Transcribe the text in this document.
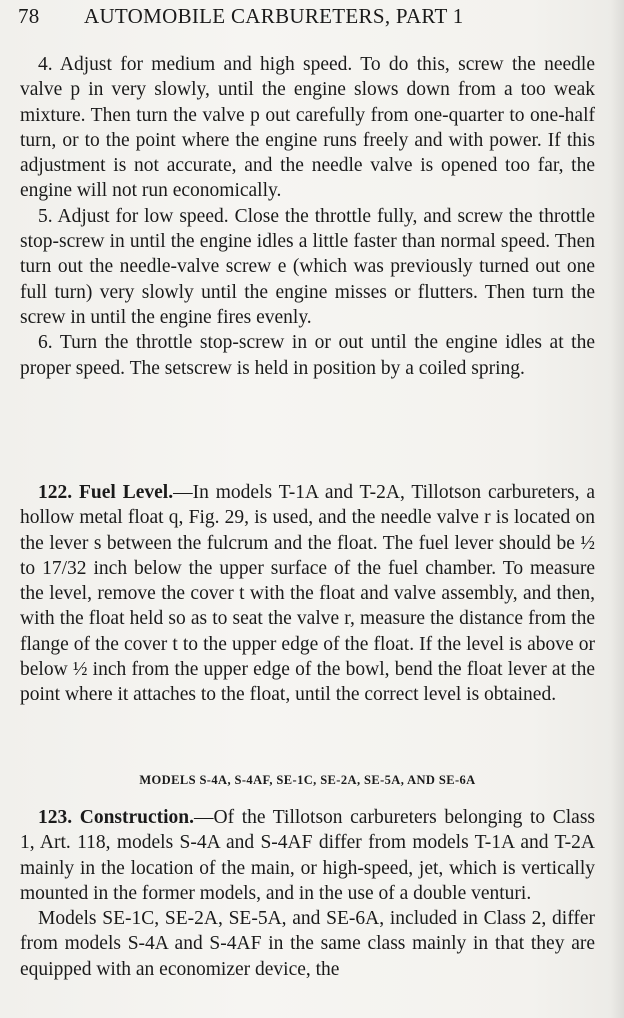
78 AUTOMOBILE CARBURETERS, PART 1

4. Adjust for medium and high speed. To do this, screw the needle valve p in very slowly, until the engine slows down from a too weak mixture. Then turn the valve p out carefully from one-quarter to one-half turn, or to the point where the engine runs freely and with power. If this adjustment is not accurate, and the needle valve is opened too far, the engine will not run economically.

5. Adjust for low speed. Close the throttle fully, and screw the throttle stop-screw in until the engine idles a little faster than normal speed. Then turn out the needle-valve screw e (which was previously turned out one full turn) very slowly until the engine misses or flutters. Then turn the screw in until the engine fires evenly.

6. Turn the throttle stop-screw in or out until the engine idles at the proper speed. The setscrew is held in position by a coiled spring.

122. Fuel Level.—In models T-1A and T-2A, Tillotson carbureters, a hollow metal float q, Fig. 29, is used, and the needle valve r is located on the lever s between the fulcrum and the float. The fuel lever should be ½ to 17/32 inch below the upper surface of the fuel chamber. To measure the level, remove the cover t with the float and valve assembly, and then, with the float held so as to seat the valve r, measure the distance from the flange of the cover t to the upper edge of the float. If the level is above or below ½ inch from the upper edge of the bowl, bend the float lever at the point where it attaches to the float, until the correct level is obtained.

MODELS S-4A, S-4AF, SE-1C, SE-2A, SE-5A, AND SE-6A

123. Construction.—Of the Tillotson carbureters belonging to Class 1, Art. 118, models S-4A and S-4AF differ from models T-1A and T-2A mainly in the location of the main, or high-speed, jet, which is vertically mounted in the former models, and in the use of a double venturi.

Models SE-1C, SE-2A, SE-5A, and SE-6A, included in Class 2, differ from models S-4A and S-4AF in the same class mainly in that they are equipped with an economizer device, the
